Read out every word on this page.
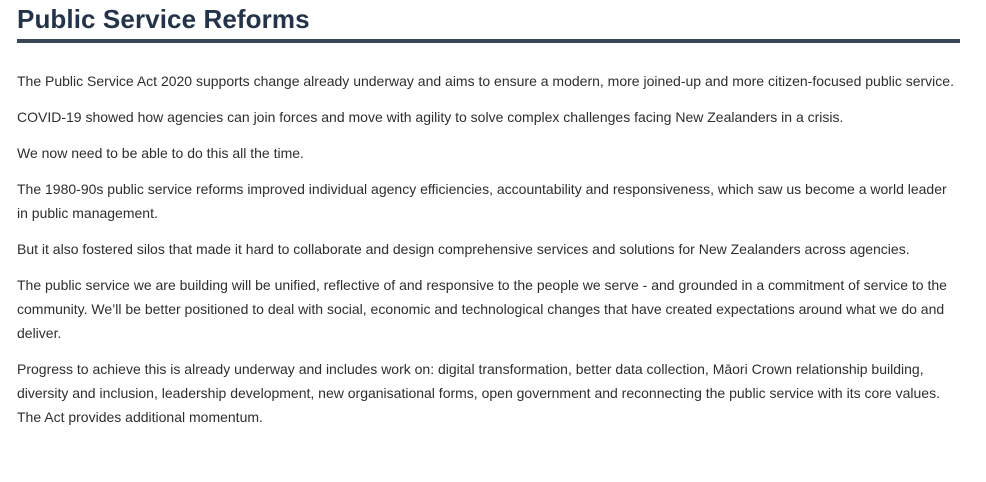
Public Service Reforms

The Public Service Act 2020 supports change already underway and aims to ensure a modern, more joined-up and more citizen-focused public service.

COVID-19 showed how agencies can join forces and move with agility to solve complex challenges facing New Zealanders in a crisis.

We now need to be able to do this all the time.

The 1980-90s public service reforms improved individual agency efficiencies, accountability and responsiveness, which saw us become a world leader in public management.

But it also fostered silos that made it hard to collaborate and design comprehensive services and solutions for New Zealanders across agencies.

The public service we are building will be unified, reflective of and responsive to the people we serve - and grounded in a commitment of service to the community. We’ll be better positioned to deal with social, economic and technological changes that have created expectations around what we do and deliver.

Progress to achieve this is already underway and includes work on: digital transformation, better data collection, Māori Crown relationship building, diversity and inclusion, leadership development, new organisational forms, open government and reconnecting the public service with its core values. The Act provides additional momentum.
